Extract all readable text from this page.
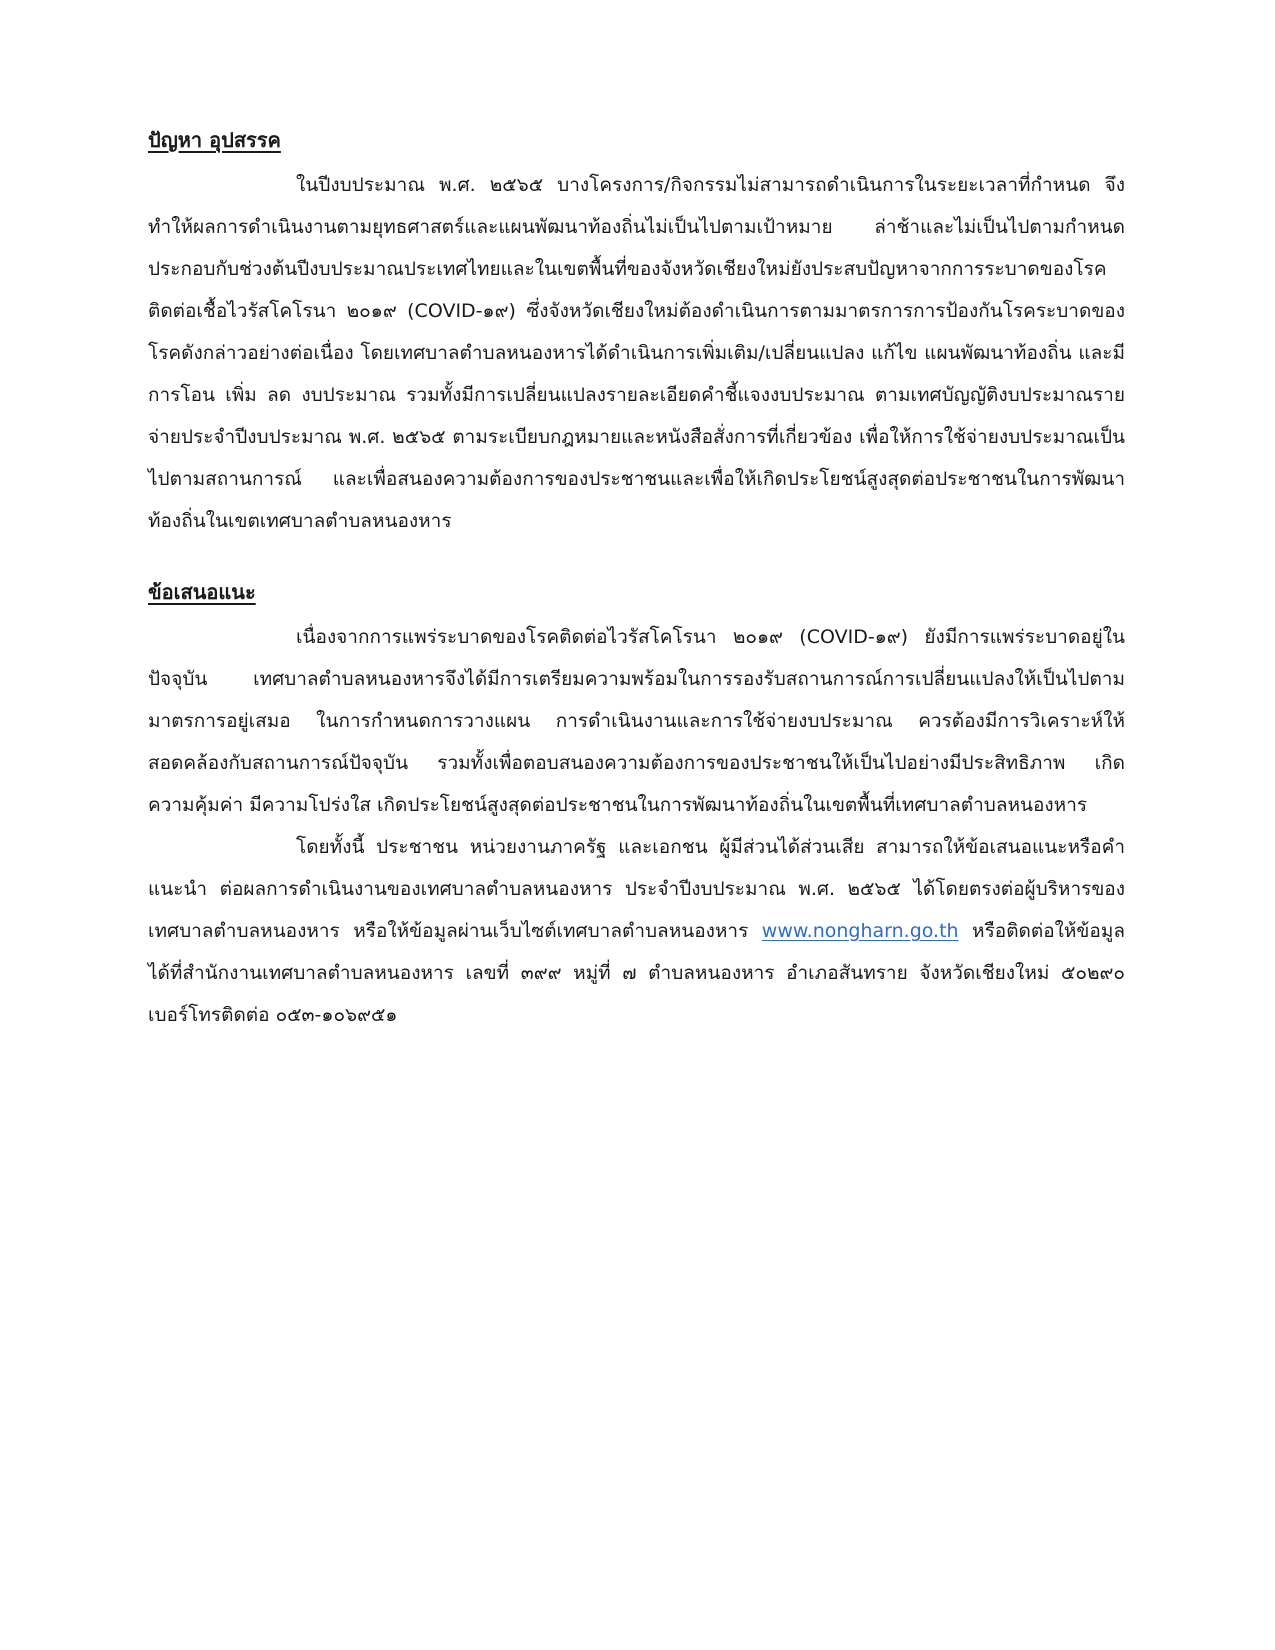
ปัญหา อุปสรรค

ในปีงบประมาณ พ.ศ. ๒๕๖๕ บางโครงการ/กิจกรรมไม่สามารถดำเนินการในระยะเวลาที่กำหนด จึงทำให้ผลการดำเนินงานตามยุทธศาสตร์และแผนพัฒนาท้องถิ่นไม่เป็นไปตามเป้าหมาย ล่าช้าและไม่เป็นไปตามกำหนด ประกอบกับช่วงต้นปีงบประมาณประเทศไทยและในเขตพื้นที่ของจังหวัดเชียงใหม่ยังประสบปัญหาจากการระบาดของโรคติดต่อเชื้อไวรัสโคโรนา ๒๐๑๙ (COVID-๑๙) ซึ่งจังหวัดเชียงใหม่ต้องดำเนินการตามมาตรการการป้องกันโรคระบาดของโรคดังกล่าวอย่างต่อเนื่อง โดยเทศบาลตำบลหนองหารได้ดำเนินการเพิ่มเติม/เปลี่ยนแปลง แก้ไข แผนพัฒนาท้องถิ่น และมีการโอน เพิ่ม ลด งบประมาณ รวมทั้งมีการเปลี่ยนแปลงรายละเอียดคำชี้แจงงบประมาณ ตามเทศบัญญัติงบประมาณรายจ่ายประจำปีงบประมาณ พ.ศ. ๒๕๖๕ ตามระเบียบกฎหมายและหนังสือสั่งการที่เกี่ยวข้อง เพื่อให้การใช้จ่ายงบประมาณเป็นไปตามสถานการณ์ และเพื่อสนองความต้องการของประชาชนและเพื่อให้เกิดประโยชน์สูงสุดต่อประชาชนในการพัฒนาท้องถิ่นในเขตเทศบาลตำบลหนองหาร

ข้อเสนอแนะ

เนื่องจากการแพร่ระบาดของโรคติดต่อไวรัสโคโรนา ๒๐๑๙ (COVID-๑๙) ยังมีการแพร่ระบาดอยู่ในปัจจุบัน เทศบาลตำบลหนองหารจึงได้มีการเตรียมความพร้อมในการรองรับสถานการณ์การเปลี่ยนแปลงให้เป็นไปตามมาตรการอยู่เสมอ ในการกำหนดการวางแผน การดำเนินงานและการใช้จ่ายงบประมาณ ควรต้องมีการวิเคราะห์ให้สอดคล้องกับสถานการณ์ปัจจุบัน รวมทั้งเพื่อตอบสนองความต้องการของประชาชนให้เป็นไปอย่างมีประสิทธิภาพ เกิดความคุ้มค่า มีความโปร่งใส เกิดประโยชน์สูงสุดต่อประชาชนในการพัฒนาท้องถิ่นในเขตพื้นที่เทศบาลตำบลหนองหาร

โดยทั้งนี้ ประชาชน หน่วยงานภาครัฐ และเอกชน ผู้มีส่วนได้ส่วนเสีย สามารถให้ข้อเสนอแนะหรือคำแนะนำ ต่อผลการดำเนินงานของเทศบาลตำบลหนองหาร ประจำปีงบประมาณ พ.ศ. ๒๕๖๕ ได้โดยตรงต่อผู้บริหารของเทศบาลตำบลหนองหาร หรือให้ข้อมูลผ่านเว็บไซต์เทศบาลตำบลหนองหาร www.nongharn.go.th หรือติดต่อให้ข้อมูลได้ที่สำนักงานเทศบาลตำบลหนองหาร เลขที่ ๓๙๙ หมู่ที่ ๗ ตำบลหนองหาร อำเภอสันทราย จังหวัดเชียงใหม่ ๕๐๒๙๐ เบอร์โทรติดต่อ ๐๕๓-๑๐๖๙๕๑
